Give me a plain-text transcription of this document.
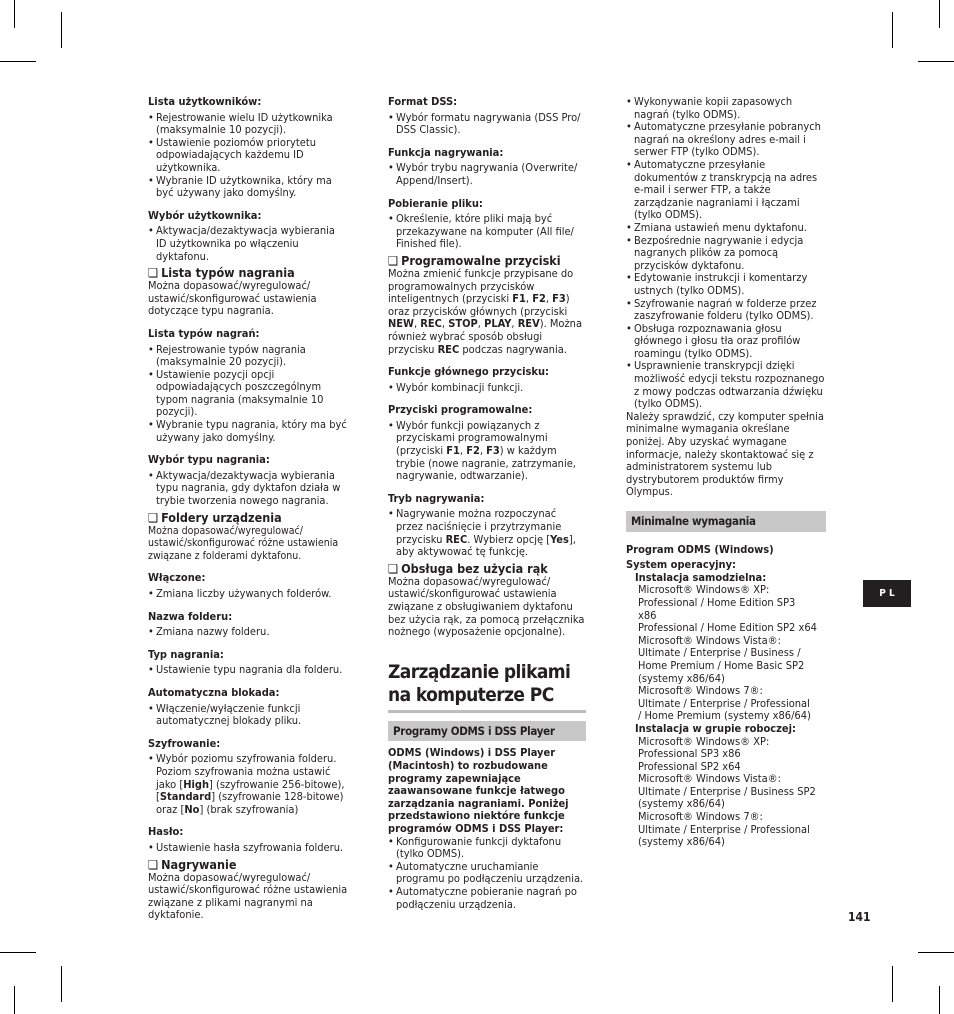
Lista użytkowników:
• Rejestrowanie wielu ID użytkownika (maksymalnie 10 pozycji).
• Ustawienie poziomów priorytetu odpowiadających każdemu ID użytkownika.
• Wybranie ID użytkownika, który ma być używany jako domyślny.
Wybór użytkownika:
• Aktywacja/dezaktywacja wybierania ID użytkownika po włączeniu dyktafonu.
❑ Lista typów nagrania

Można dopasować/wyregulować/ ustawić/skonfigurować ustawienia dotyczące typu nagrania.

Lista typów nagrań:
• Rejestrowanie typów nagrania (maksymalnie 20 pozycji).
• Ustawienie pozycji opcji odpowiadających poszczególnym typom nagrania (maksymalnie 10 pozycji).
• Wybranie typu nagrania, który ma być używany jako domyślny.
Wybór typu nagrania:
• Aktywacja/dezaktywacja wybierania typu nagrania, gdy dyktafon działa w trybie tworzenia nowego nagrania.
❑ Foldery urządzenia

Można dopasować/wyregulować/ ustawić/skonfigurować różne ustawienia związane z folderami dyktafonu.

Włączone:
• Zmiana liczby używanych folderów.
Nazwa folderu:
• Zmiana nazwy folderu.
Typ nagrania:
• Ustawienie typu nagrania dla folderu.
Automatyczna blokada:
• Włączenie/wyłączenie funkcji automatycznej blokady pliku.
Szyfrowanie:
• Wybór poziomu szyfrowania folderu. Poziom szyfrowania można ustawić jako [High] (szyfrowanie 256-bitowe), [Standard] (szyfrowanie 128-bitowe) oraz [No] (brak szyfrowania)
Hasło:
• Ustawienie hasła szyfrowania folderu.
❑ Nagrywanie

Można dopasować/wyregulować/ ustawić/skonfigurować różne ustawienia związane z plikami nagranymi na dyktafonie.

Format DSS:
• Wybór formatu nagrywania (DSS Pro/ DSS Classic).
Funkcja nagrywania:
• Wybór trybu nagrywania (Overwrite/ Append/Insert).
Pobieranie pliku:
• Określenie, które pliki mają być przekazywane na komputer (All file/ Finished file).
❑ Programowalne przyciski

Można zmienić funkcje przypisane do programowalnych przycisków inteligentnych (przyciski F1, F2, F3) oraz przycisków głównych (przyciski NEW, REC, STOP, PLAY, REV). Można również wybrać sposób obsługi przycisku REC podczas nagrywania.

Funkcje głównego przycisku:
• Wybór kombinacji funkcji.
Przyciski programowalne:
• Wybór funkcji powiązanych z przyciskami programowalnymi (przyciski F1, F2, F3) w każdym trybie (nowe nagranie, zatrzymanie, nagrywanie, odtwarzanie).
Tryb nagrywania:
• Nagrywanie można rozpoczynać przez naciśnięcie i przytrzymanie przycisku REC. Wybierz opcję [Yes], aby aktywować tę funkcję.
❑ Obsługa bez użycia rąk

Można dopasować/wyregulować/ ustawić/skonfigurować ustawienia związane z obsługiwaniem dyktafonu bez użycia rąk, za pomocą przełącznika nożnego (wyposażenie opcjonalne).

Zarządzanie plikami na komputerze PC
Programy ODMS i DSS Player

ODMS (Windows) i DSS Player (Macintosh) to rozbudowane programy zapewniające zaawansowane funkcje łatwego zarządzania nagraniami. Poniżej przedstawiono niektóre funkcje programów ODMS i DSS Player:

• Konfigurowanie funkcji dyktafonu (tylko ODMS).
• Automatyczne uruchamianie programu po podłączeniu urządzenia.
• Automatyczne pobieranie nagrań po podłączeniu urządzenia.
• Wykonywanie kopii zapasowych nagrań (tylko ODMS).
• Automatyczne przesyłanie pobranych nagrań na określony adres e-mail i serwer FTP (tylko ODMS).
• Automatyczne przesyłanie dokumentów z transkrypcją na adres e-mail i serwer FTP, a także zarządzanie nagraniami i łączami (tylko ODMS).
• Zmiana ustawień menu dyktafonu.
• Bezpośrednie nagrywanie i edycja nagranych plików za pomocą przycisków dyktafonu.
• Edytowanie instrukcji i komentarzy ustnych (tylko ODMS).
• Szyfrowanie nagrań w folderze przez zaszyfrowanie folderu (tylko ODMS).
• Obsługa rozpoznawania głosu głównego i głosu tła oraz profilów roamingu (tylko ODMS).
• Usprawnienie transkrypcji dzięki możliwość edycji tekstu rozpoznanego z mowy podczas odtwarzania dźwięku (tylko ODMS).

Należy sprawdzić, czy komputer spełnia minimalne wymagania określane poniżej. Aby uzyskać wymagane informacje, należy skontaktować się z administratorem systemu lub dystrybutorem produktów firmy Olympus.

Minimalne wymagania
Program ODMS (Windows)
System operacyjny:
Instalacja samodzielna:
Microsoft® Windows® XP:
Professional / Home Edition SP3
x86
Professional / Home Edition SP2 x64
Microsoft® Windows Vista®:
Ultimate / Enterprise / Business /
Home Premium / Home Basic SP2
(systemy x86/64)
Microsoft® Windows 7®:
Ultimate / Enterprise / Professional
/ Home Premium (systemy x86/64)
Instalacja w grupie roboczej:
Microsoft® Windows® XP:
Professional SP3 x86
Professional SP2 x64
Microsoft® Windows Vista®:
Ultimate / Enterprise / Business SP2
(systemy x86/64)
Microsoft® Windows 7®:
Ultimate / Enterprise / Professional
(systemy x86/64)
P L
141
